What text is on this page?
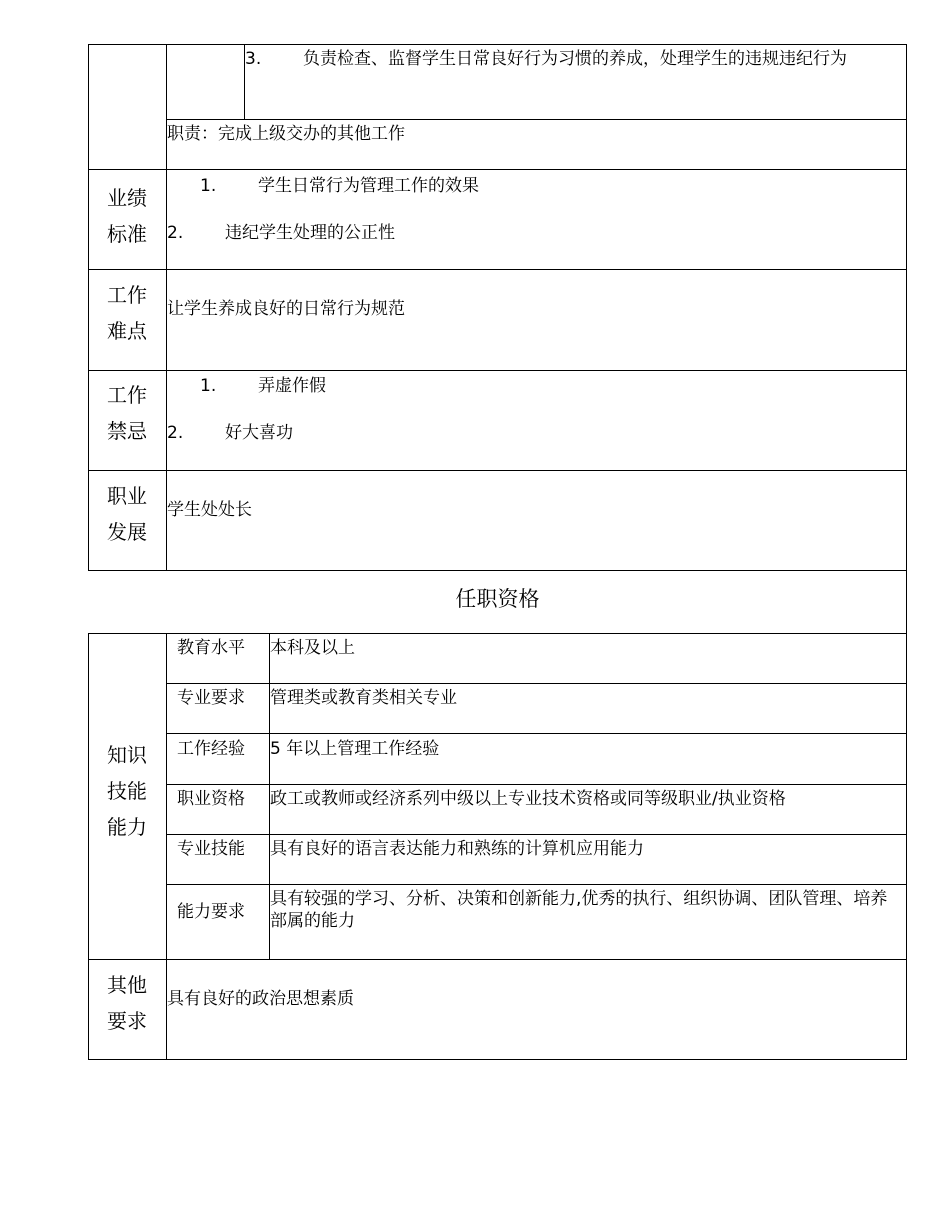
3. 负责检查、监督学生日常良好行为习惯的养成，处理学生的违规违纪行为
职责：完成上级交办的其他工作
业绩
标准
1. 学生日常行为管理工作的效果
2. 违纪学生处理的公正性
工作
难点
让学生养成良好的日常行为规范
工作
禁忌
1. 弄虚作假
2. 好大喜功
职业
发展
学生处处长
任职资格
知识
技能
能力
教育水平 本科及以上
专业要求 管理类或教育类相关专业
工作经验 5 年以上管理工作经验
职业资格 政工或教师或经济系列中级以上专业技术资格或同等级职业/执业资格
专业技能 具有良好的语言表达能力和熟练的计算机应用能力
能力要求
具有较强的学习、分析、决策和创新能力,优秀的执行、组织协调、团队管理、培养部属的能力
其他
要求
具有良好的政治思想素质
